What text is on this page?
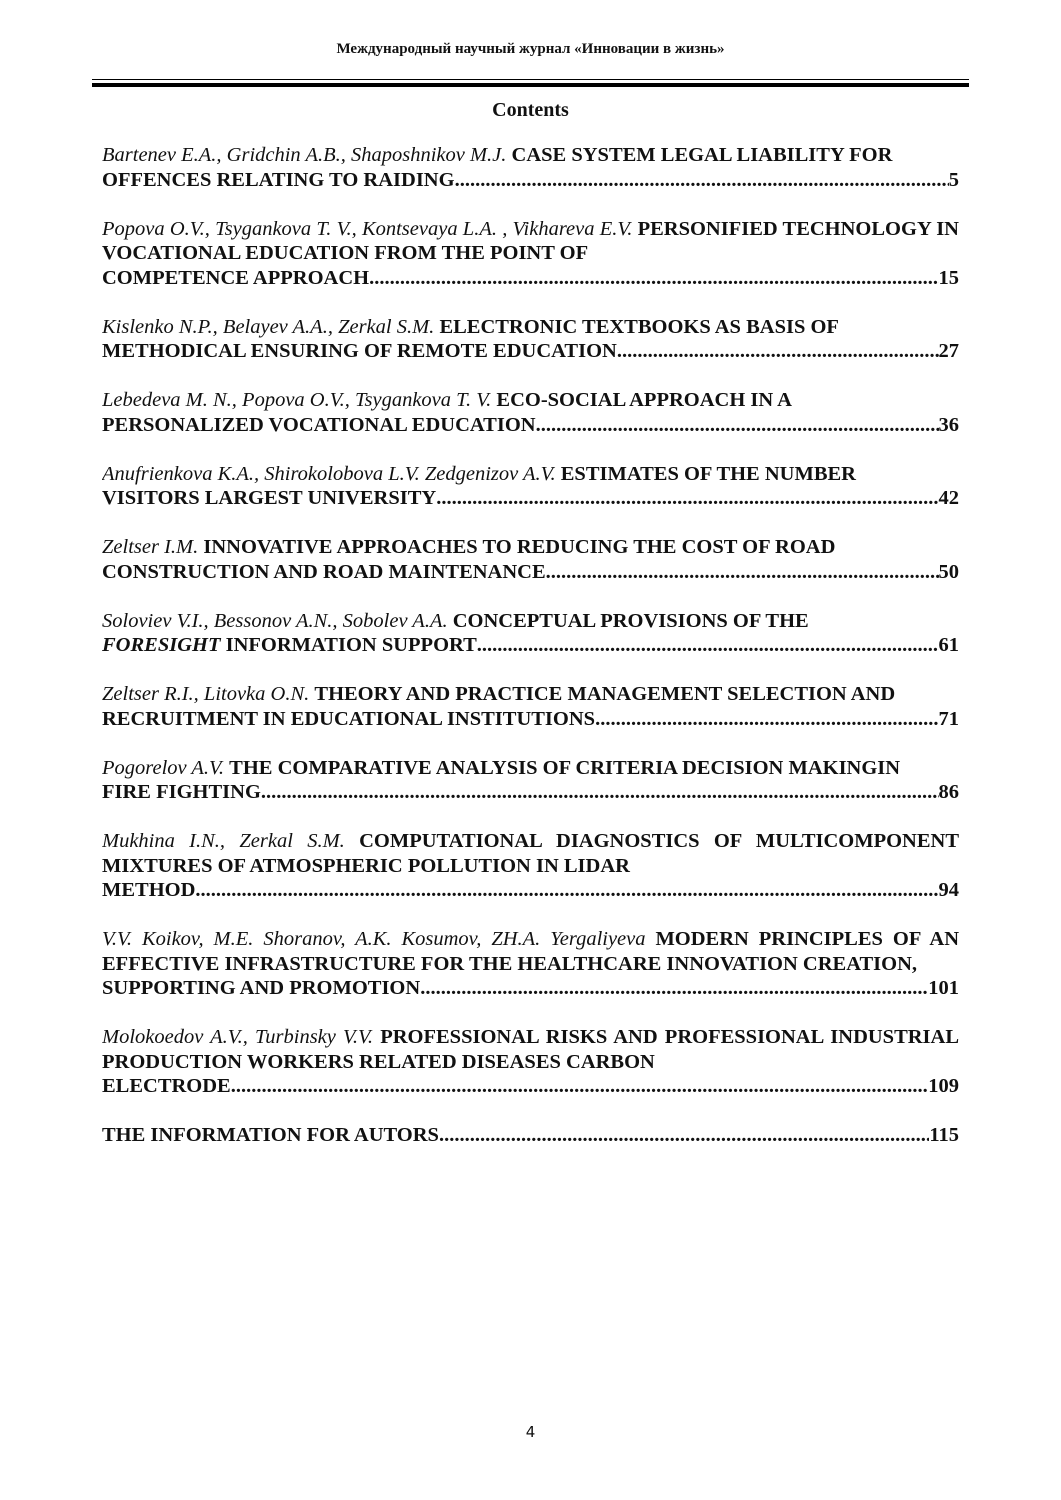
Международный научный журнал «Инновации в жизнь»
Contents
Bartenev E.A., Gridchin A.B., Shaposhnikov M.J. CASE SYSTEM LEGAL LIABILITY FOR
OFFENCES RELATING TO RAIDING .....	5
Popova O.V., Tsygankova T. V., Kontsevaya L.A. , Vikhareva E.V. PERSONIFIED TECHNOLOGY IN VOCATIONAL EDUCATION FROM THE POINT OF
COMPETENCE APPROACH .....	15
Kislenko N.P., Belayev A.A., Zerkal S.M. ELECTRONIC TEXTBOOKS AS BASIS OF
METHODICAL ENSURING OF REMOTE EDUCATION .....	27
Lebedeva M. N., Popova O.V., Tsygankova T. V. ECO-SOCIAL APPROACH IN A
PERSONALIZED VOCATIONAL EDUCATION .....	36
Anufrienkova K.A., Shirokolobova L.V. Zedgenizov A.V. ESTIMATES OF THE NUMBER
VISITORS LARGEST UNIVERSITY .....	42
Zeltser I.M. INNOVATIVE APPROACHES TO REDUCING THE COST OF ROAD
CONSTRUCTION AND ROAD MAINTENANCE .....	50
Soloviev V.I., Bessonov A.N., Sobolev A.A. CONCEPTUAL PROVISIONS OF THE
FORESIGHT INFORMATION SUPPORT .....	61
Zeltser R.I., Litovka O.N. THEORY AND PRACTICE MANAGEMENT SELECTION AND
RECRUITMENT IN EDUCATIONAL INSTITUTIONS .....	71
Pogorelov A.V. THE COMPARATIVE ANALYSIS OF CRITERIA DECISION MAKINGIN
FIRE FIGHTING .....	86
Mukhina I.N., Zerkal S.M. COMPUTATIONAL DIAGNOSTICS OF MULTICOMPONENT MIXTURES OF ATMOSPHERIC POLLUTION IN LIDAR
METHOD .....	94
V.V. Koikov, M.E. Shoranov, A.K. Kosumov, ZH.A. Yergaliyeva MODERN PRINCIPLES OF AN EFFECTIVE INFRASTRUCTURE FOR THE HEALTHCARE INNOVATION CREATION,
SUPPORTING AND PROMOTION .....	101
Molokoedov A.V., Turbinsky V.V. PROFESSIONAL RISKS AND PROFESSIONAL INDUSTRIAL PRODUCTION WORKERS RELATED DISEASES CARBON
ELECTRODE .....	109
THE INFORMATION FOR AUTORS .....	115
4
